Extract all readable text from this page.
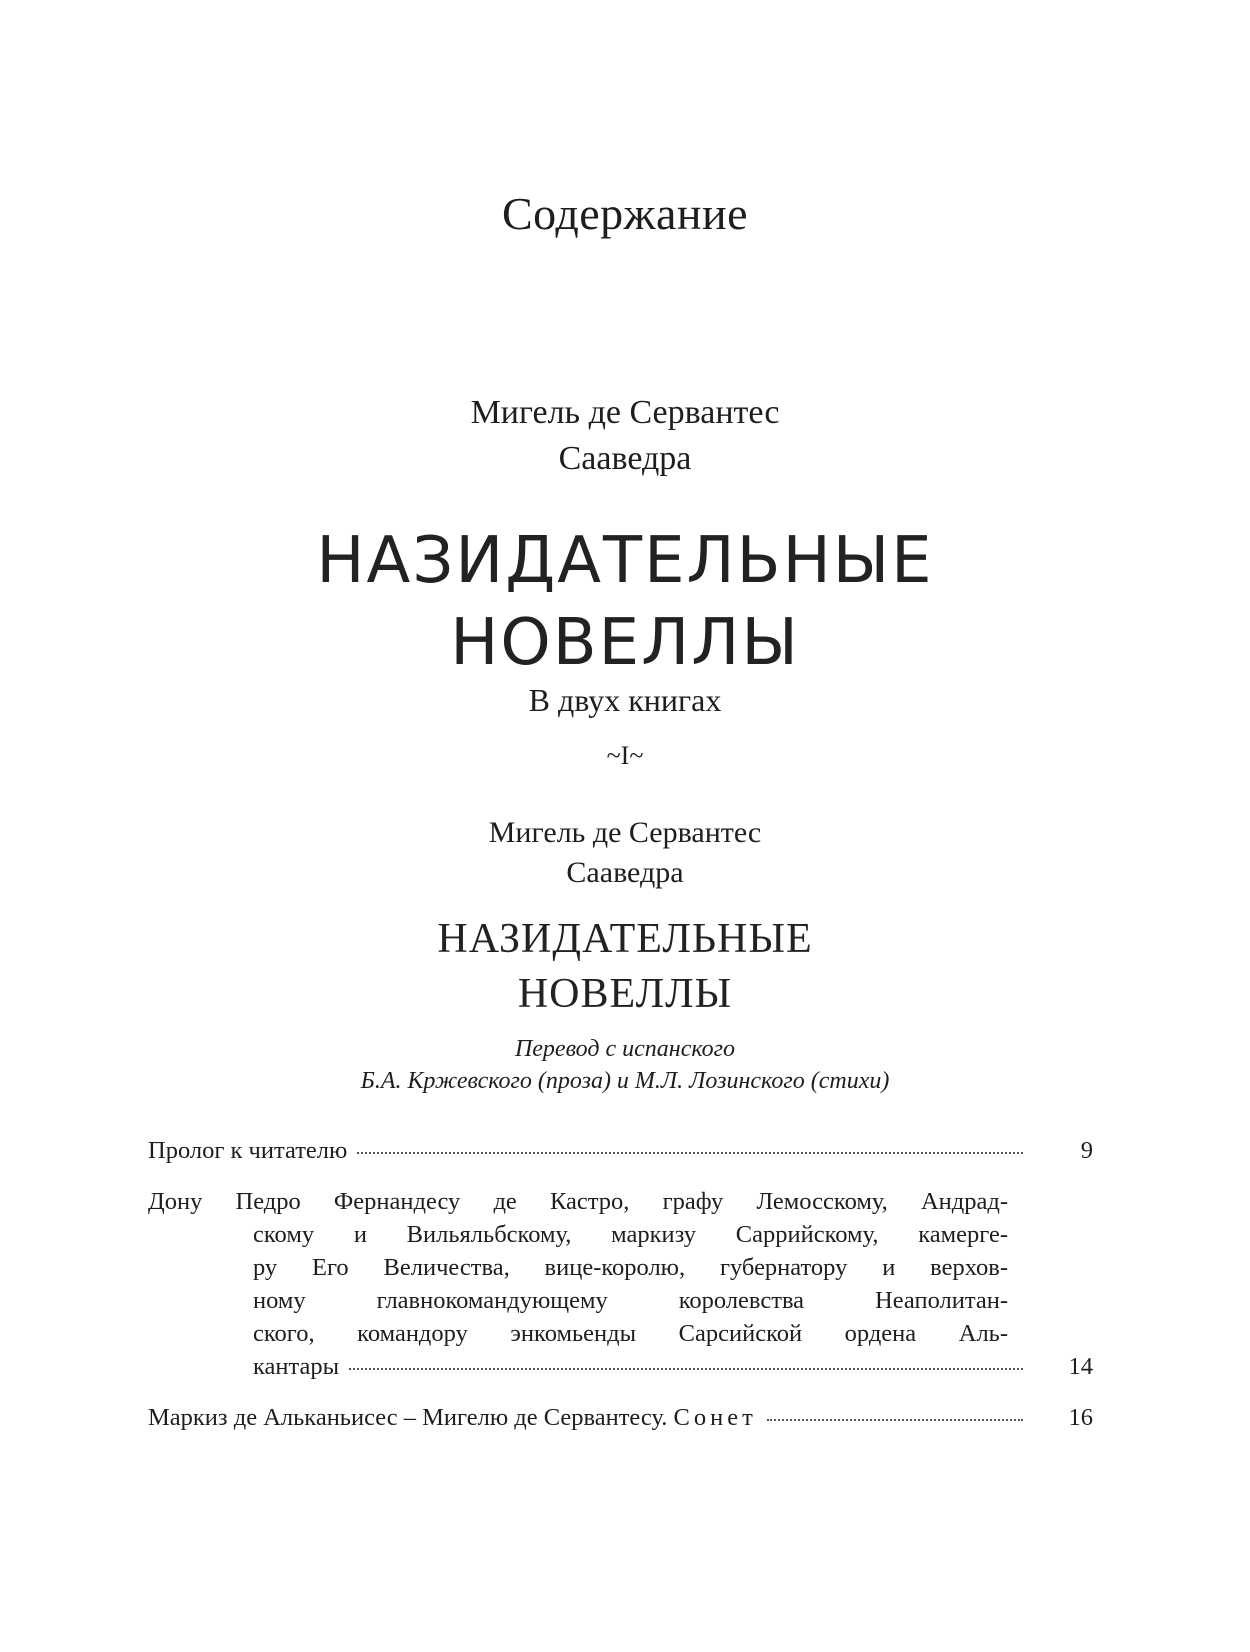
Содержание
Мигель де Сервантес
Сааведра
НАЗИДАТЕЛЬНЫЕ
НОВЕЛЛЫ
В двух книгах
~I~
Мигель де Сервантес
Сааведра
НАЗИДАТЕЛЬНЫЕ
НОВЕЛЛЫ
Перевод с испанского
Б.А. Кржевского (проза) и М.Л. Лозинского (стихи)
Пролог к читателю	9
Дону Педро Фернандесу де Кастро, графу Лемосскому, Андрад-
скому и Вильяльбскому, маркизу Саррийскому, камерге-
ру Его Величества, вице-королю, губернатору и верхов-
ному главнокомандующему королевства Неаполитан-
ского, командору энкомьенды Сарсийской ордена Аль-
кантары	14
Маркиз де Альканьисес – Мигелю де Сервантесу. Сонет	16
